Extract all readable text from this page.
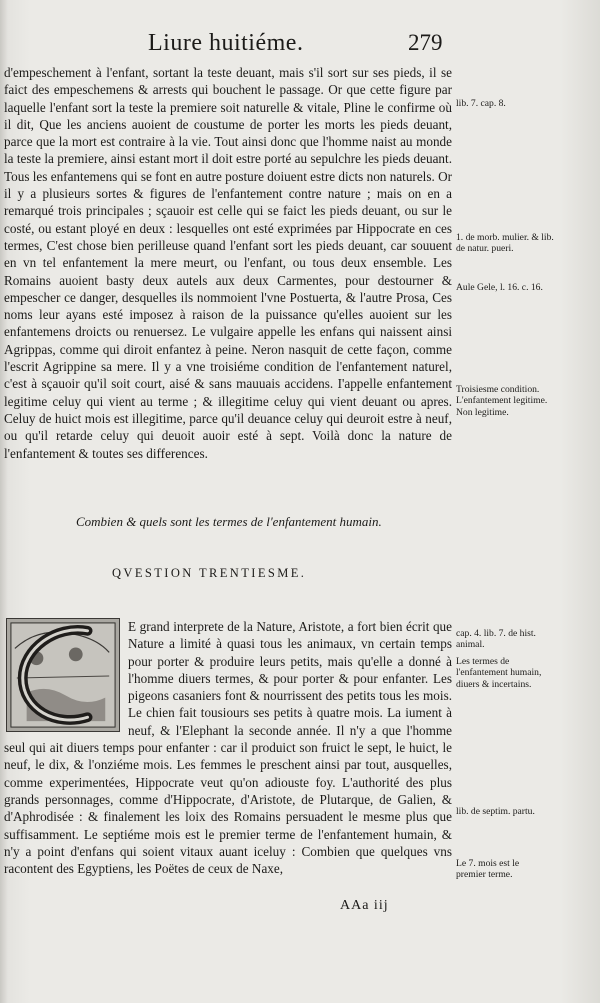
Liure huitiéme.	279

d'empeschement à l'enfant, sortant la teste deuant, mais s'il sort sur ses pieds, il se faict des empeschemens & arrests qui bouchent le passage. Or que cette figure par laquelle l'enfant sort la teste la premiere soit naturelle & vitale, Pline le confirme où il dit, Que les anciens auoient de coustume de porter les morts les pieds deuant, parce que la mort est contraire à la vie. Tout ainsi donc que l'homme naist au monde la teste la premiere, ainsi estant mort il doit estre porté au sepulchre les pieds deuant. Tous les enfantemens qui se font en autre posture doiuent estre dicts non naturels. Or il y a plusieurs sortes & figures de l'enfantement contre nature ; mais on en a remarqué trois principales ; sçauoir est celle qui se faict les pieds deuant, ou sur le costé, ou estant ployé en deux : lesquelles ont esté exprimées par Hippocrate en ces termes, C'est chose bien perilleuse quand l'enfant sort les pieds deuant, car souuent en vn tel enfantement la mere meurt, ou l'enfant, ou tous deux ensemble. Les Romains auoient basty deux autels aux deux Carmentes, pour destourner & empescher ce danger, desquelles ils nommoient l'vne Postuerta, & l'autre Prosa, Ces noms leur ayans esté imposez à raison de la puissance qu'elles auoient sur les enfantemens droicts ou renuersez. Le vulgaire appelle les enfans qui naissent ainsi Agrippas, comme qui diroit enfantez à peine. Neron nasquit de cette façon, comme l'escrit Agrippine sa mere. Il y a vne troisiéme condition de l'enfantement naturel, c'est à sçauoir qu'il soit court, aisé & sans mauuais accidens. I'appelle enfantement legitime celuy qui vient au terme ; & illegitime celuy qui vient deuant ou apres. Celuy de huict mois est illegitime, parce qu'il deuance celuy qui deuroit estre à neuf, ou qu'il retarde celuy qui deuoit auoir esté à sept. Voilà donc la nature de l'enfantement & toutes ses differences.

lib. 7. cap. 8.
1. de morb. mulier. & lib. de natur. pueri.
Aule Gele, l. 16. c. 16.
Troisiesme condition. L'enfantement legitime. Non legitime.
Combien & quels sont les termes de l'enfantement humain.
QVESTION TRENTIESME.

E grand interprete de la Nature, Aristote, a fort bien écrit que Nature a limité à quasi tous les animaux, vn certain temps pour porter & produire leurs petits, mais qu'elle a donné à l'homme diuers termes, & pour porter & pour enfanter. Les pigeons casaniers font & nourrissent des petits tous les mois. Le chien fait tousiours ses petits à quatre mois. La iument à neuf, & l'Elephant la seconde année. Il n'y a que l'homme seul qui ait diuers temps pour enfanter : car il produict son fruict le sept, le huict, le neuf, le dix, & l'onziéme mois. Les femmes le preschent ainsi par tout, ausquelles, comme experimentées, Hippocrate veut qu'on adiouste foy. L'authorité des plus grands personnages, comme d'Hippocrate, d'Aristote, de Plutarque, de Galien, & d'Aphrodisée : & finalement les loix des Romains persuadent le mesme plus que suffisamment. Le septiéme mois est le premier terme de l'enfantement humain, & n'y a point d'enfans qui soient vitaux auant iceluy : Combien que quelques vns racontent des Egyptiens, les Poëtes de ceux de Naxe,

cap. 4. lib. 7. de hist. animal.
Les termes de l'enfantement humain, diuers & incertains.
lib. de septim. partu.
Le 7. mois est le premier terme.
AAa iij
